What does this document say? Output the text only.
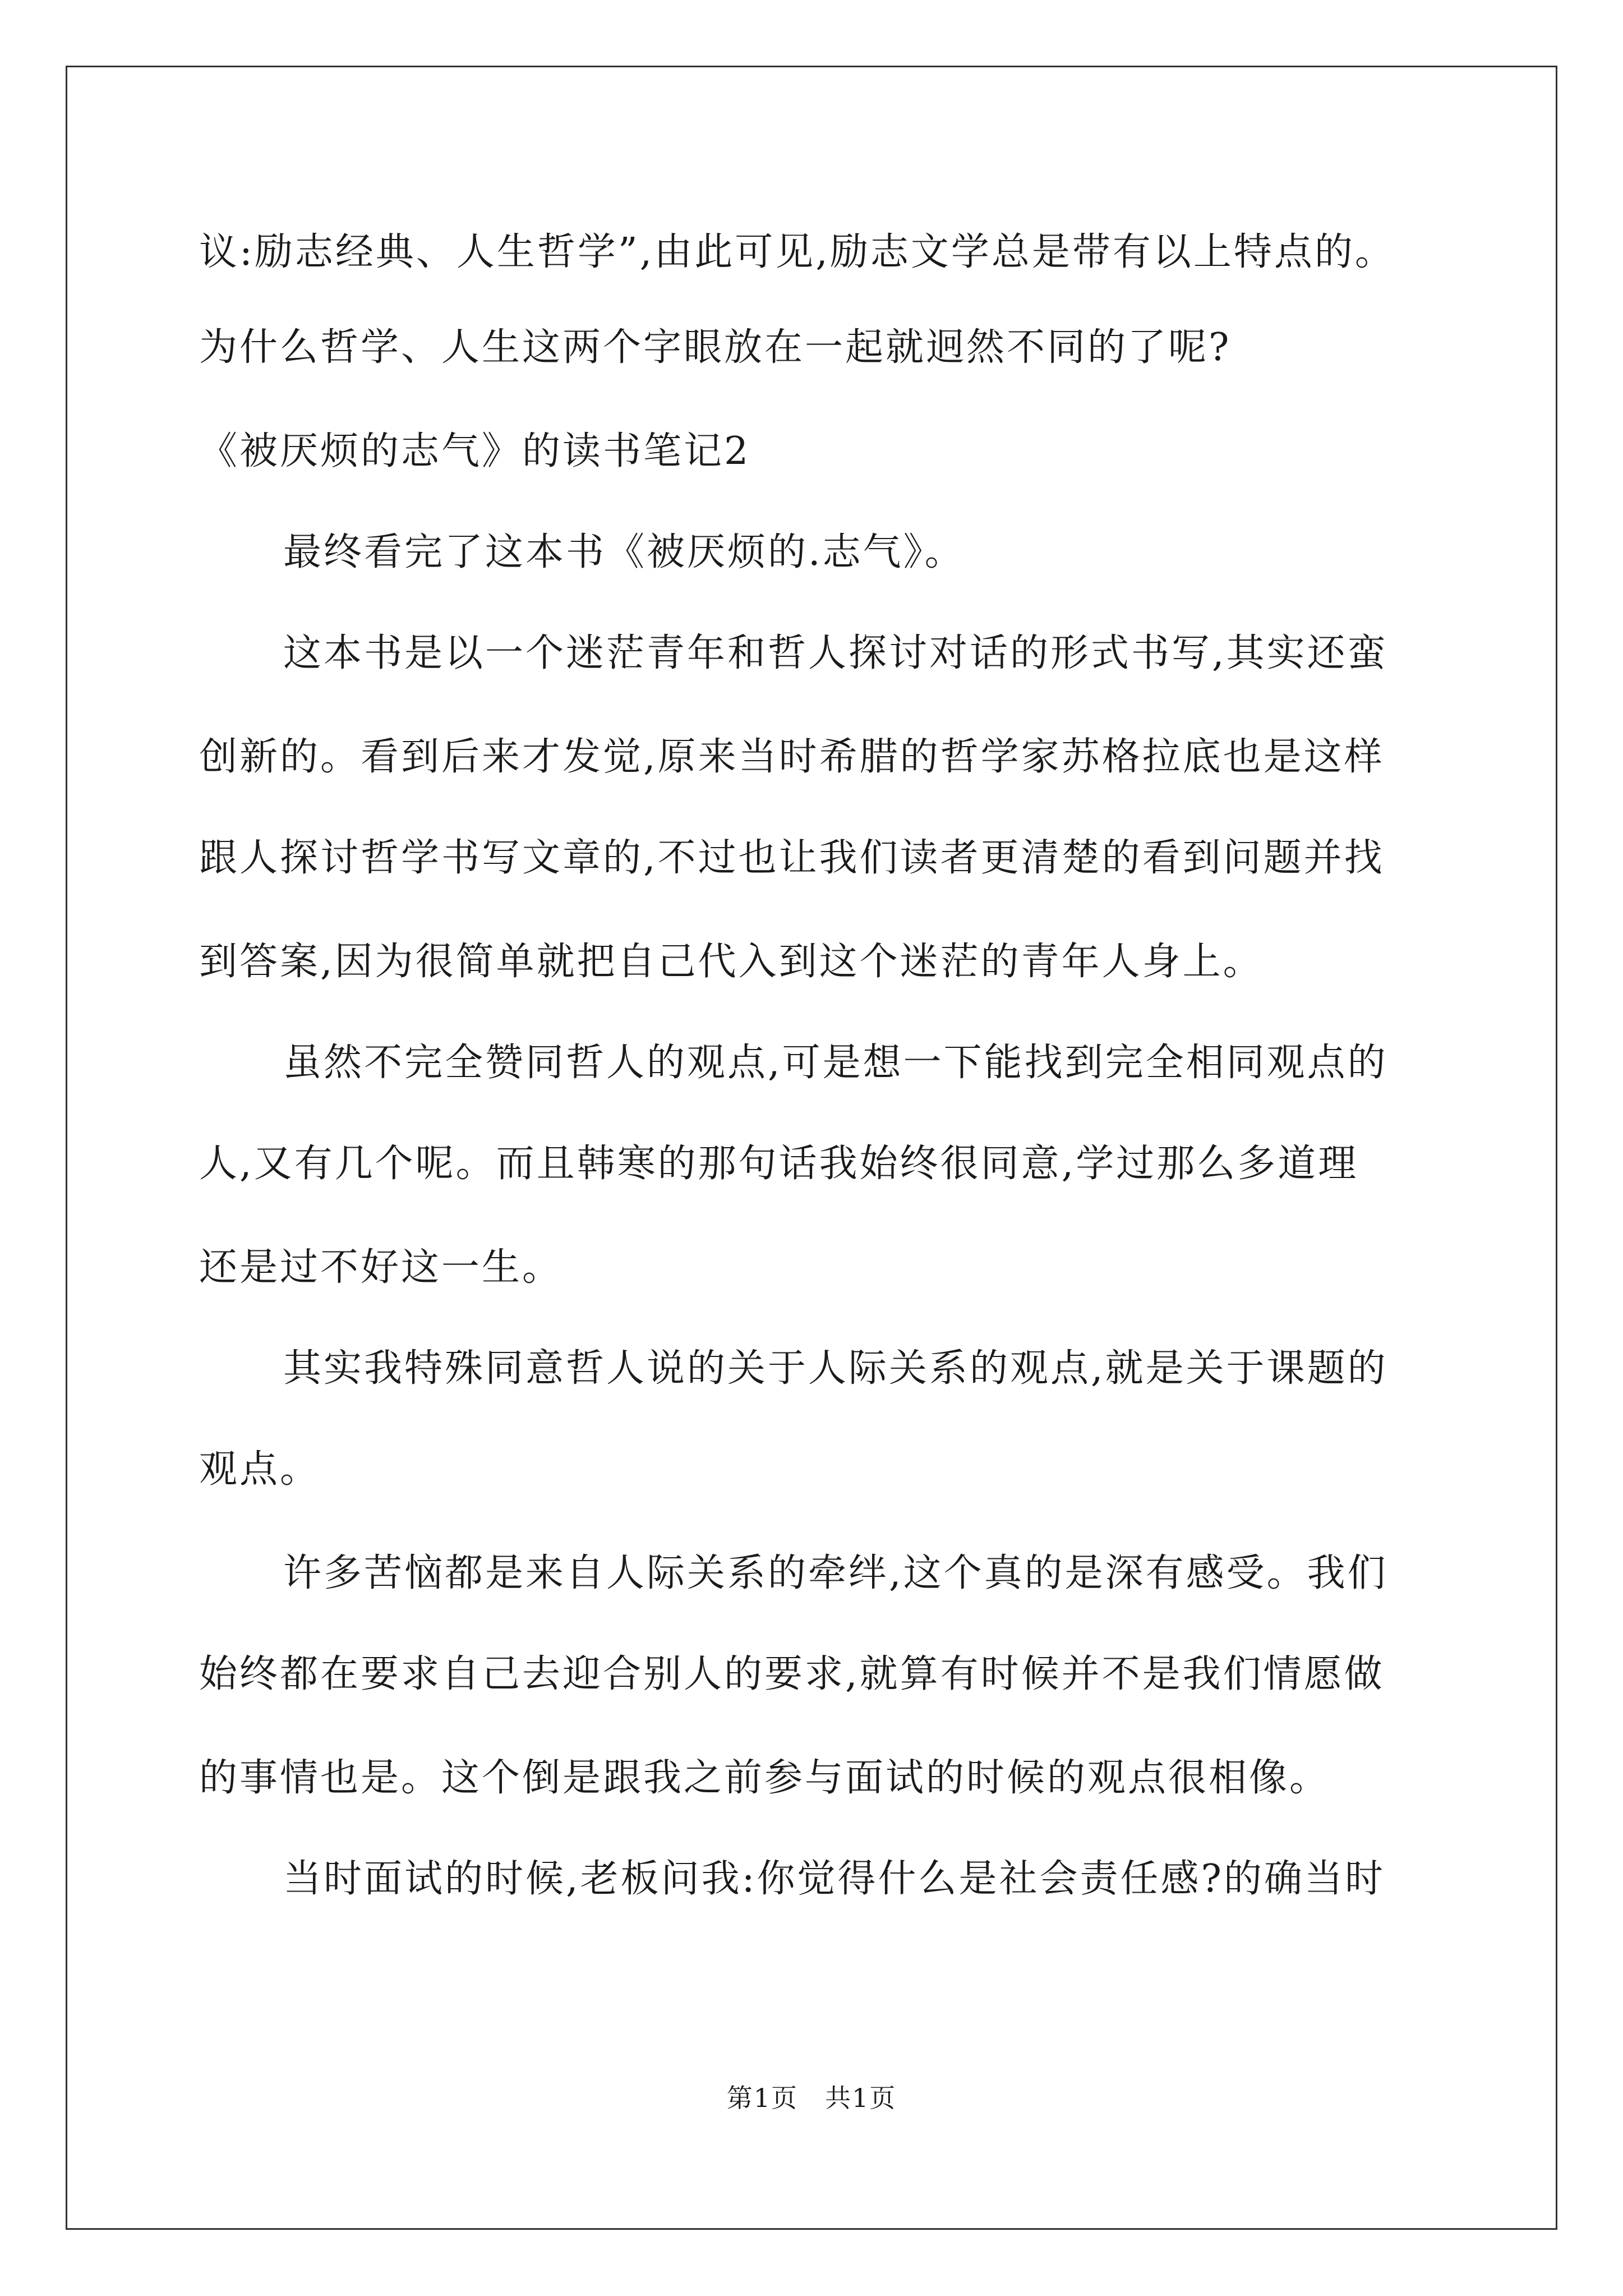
议:励志经典、人生哲学”,由此可见,励志文学总是带有以上特点的。
为什么哲学、人生这两个字眼放在一起就迥然不同的了呢?
《被厌烦的志气》的读书笔记2
最终看完了这本书《被厌烦的.志气》。
这本书是以一个迷茫青年和哲人探讨对话的形式书写,其实还蛮
创新的。看到后来才发觉,原来当时希腊的哲学家苏格拉底也是这样
跟人探讨哲学书写文章的,不过也让我们读者更清楚的看到问题并找
到答案,因为很简单就把自己代入到这个迷茫的青年人身上。
虽然不完全赞同哲人的观点,可是想一下能找到完全相同观点的
人,又有几个呢。而且韩寒的那句话我始终很同意,学过那么多道理
还是过不好这一生。
其实我特殊同意哲人说的关于人际关系的观点,就是关于课题的
观点。
许多苦恼都是来自人际关系的牵绊,这个真的是深有感受。我们
始终都在要求自己去迎合别人的要求,就算有时候并不是我们情愿做
的事情也是。这个倒是跟我之前参与面试的时候的观点很相像。
当时面试的时候,老板问我:你觉得什么是社会责任感?的确当时
第1页　共1页
